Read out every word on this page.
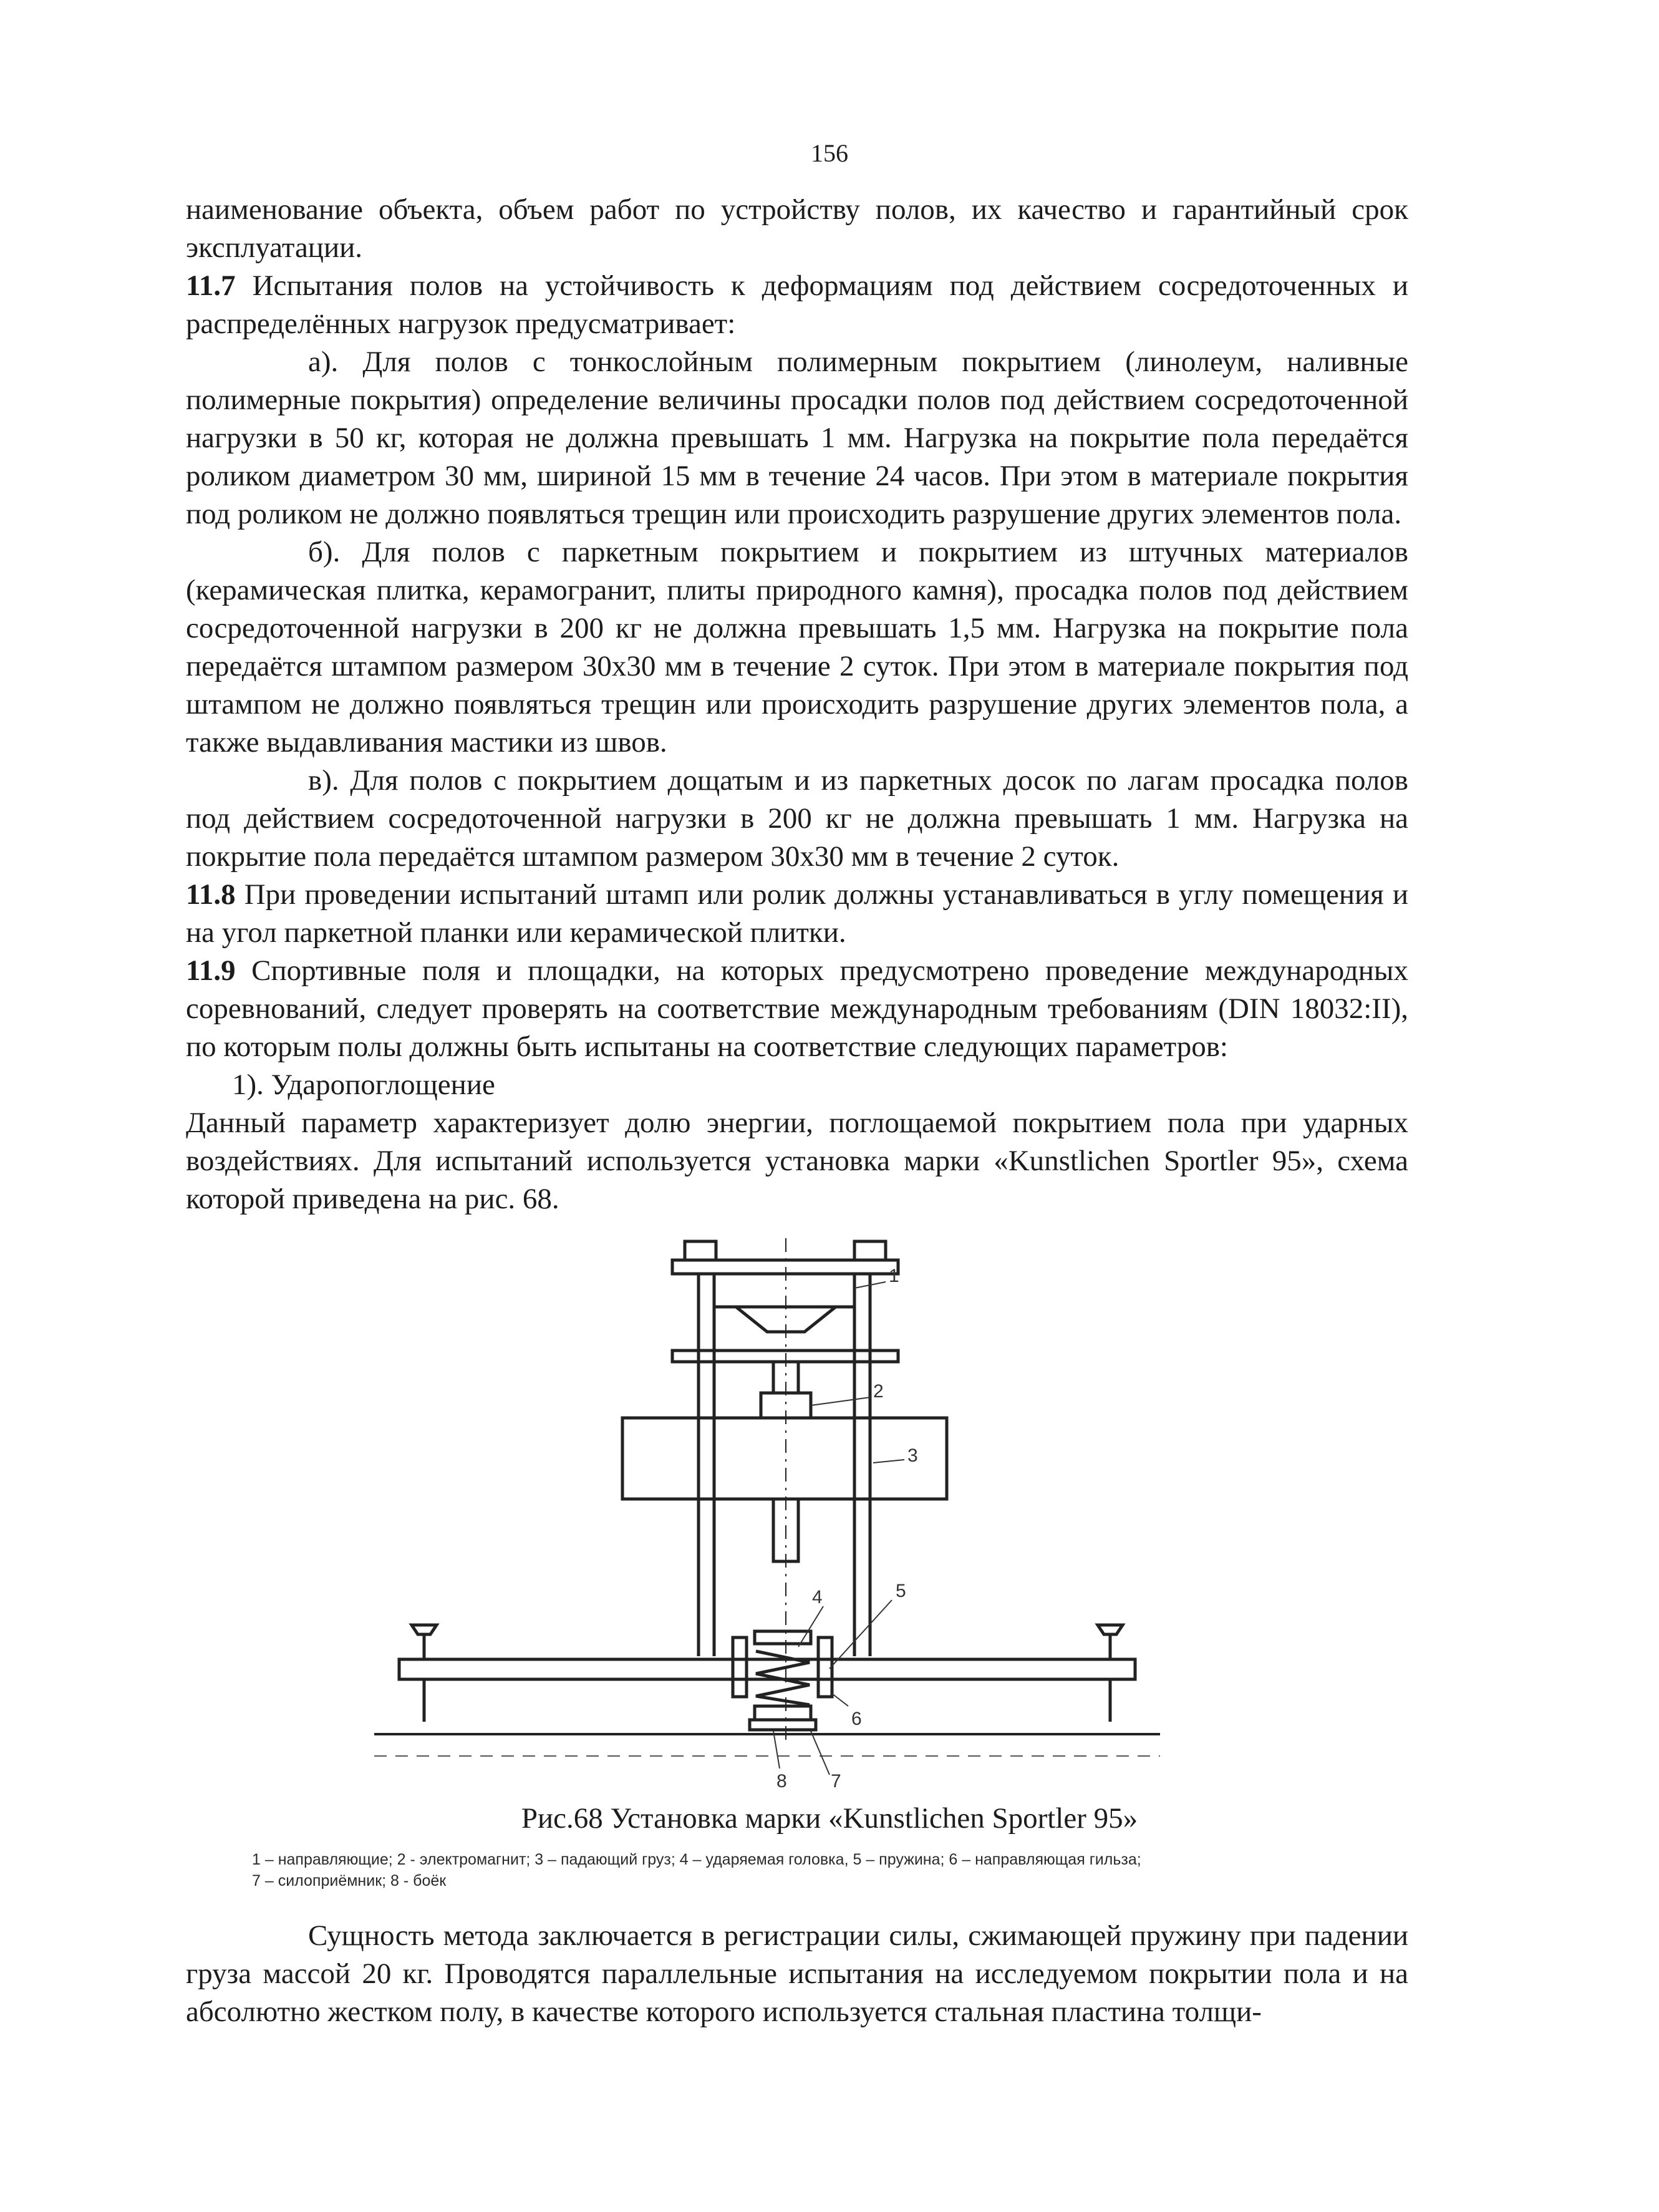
156

наименование объекта, объем работ по устройству полов, их качество и гарантийный срок эксплуатации.

11.7 Испытания полов на устойчивость к деформациям под действием сосредоточенных и распределённых нагрузок предусматривает:

а). Для полов с тонкослойным полимерным покрытием (линолеум, наливные полимерные покрытия) определение величины просадки полов под действием сосредоточенной нагрузки в 50 кг, которая не должна превышать 1 мм. Нагрузка на покрытие пола передаётся роликом диаметром 30 мм, шириной 15 мм в течение 24 часов. При этом в материале покрытия под роликом не должно появляться трещин или происходить разрушение других элементов пола.

б). Для полов с паркетным покрытием и покрытием из штучных материалов (керамическая плитка, керамогранит, плиты природного камня), просадка полов под действием сосредоточенной нагрузки в 200 кг не должна превышать 1,5 мм. Нагрузка на покрытие пола передаётся штампом размером 30х30 мм в течение 2 суток. При этом в материале покрытия под штампом не должно появляться трещин или происходить разрушение других элементов пола, а также выдавливания мастики из швов.

в). Для полов с покрытием дощатым и из паркетных досок по лагам просадка полов под действием сосредоточенной нагрузки в 200 кг не должна превышать 1 мм. Нагрузка на покрытие пола передаётся штампом размером 30х30 мм в течение 2 суток.

11.8 При проведении испытаний штамп или ролик должны устанавливаться в углу помещения и на угол паркетной планки или керамической плитки.

11.9 Спортивные поля и площадки, на которых предусмотрено проведение международных соревнований, следует проверять на соответствие международным требованиям (DIN 18032:II), по которым полы должны быть испытаны на соответствие следующих параметров:

1). Удaропоглощение

Данный параметр характеризует долю энергии, поглощаемой покрытием пола при ударных воздействиях. Для испытаний используется установка марки «Kunstlichen Sportler 95», схема которой приведена на рис. 68.

1
2
3
4	5
6
7
8
Рис.68 Установка марки «Kunstlichen Sportler 95»
1 – направляющие; 2 - электромагнит; 3 – падающий груз; 4 – ударяемая головка, 5 – пружина; 6 – направляющая гильза;
7 – силоприёмник; 8 - боёк

Сущность метода заключается в регистрации силы, сжимающей пружину при падении груза массой 20 кг. Проводятся параллельные испытания на исследуемом покрытии пола и на абсолютно жестком полу, в качестве которого используется стальная пластина толщи-
